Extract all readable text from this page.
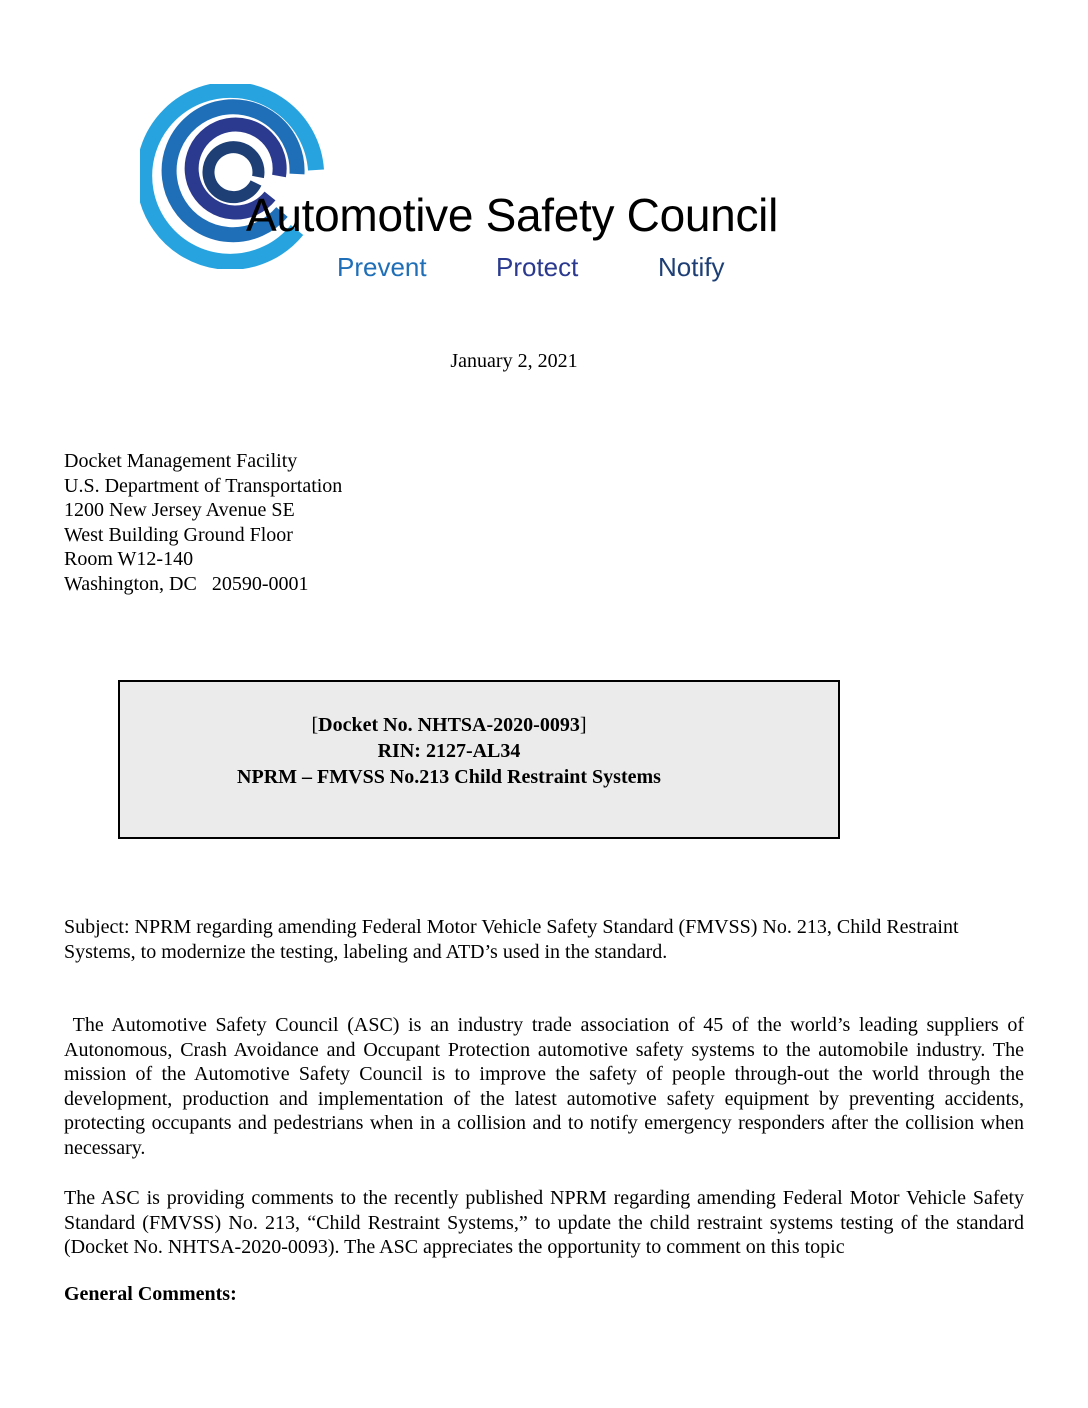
Automotive Safety Council
Prevent	Protect	Notify
January 2, 2021
Docket Management Facility
U.S. Department of Transportation
1200 New Jersey Avenue SE
West Building Ground Floor
Room W12-140
Washington, DC   20590-0001
[Docket No. NHTSA-2020-0093]
RIN: 2127-AL34
NPRM – FMVSS No.213 Child Restraint Systems
Subject: NPRM regarding amending Federal Motor Vehicle Safety Standard (FMVSS) No. 213, Child Restraint Systems, to modernize the testing, labeling and ATD’s used in the standard.
The Automotive Safety Council (ASC) is an industry trade association of 45 of the world’s leading suppliers of Autonomous, Crash Avoidance and Occupant Protection automotive safety systems to the automobile industry. The mission of the Automotive Safety Council is to improve the safety of people through-out the world through the development, production and implementation of the latest automotive safety equipment by preventing accidents, protecting occupants and pedestrians when in a collision and to notify emergency responders after the collision when necessary.
The ASC is providing comments to the recently published NPRM regarding amending Federal Motor Vehicle Safety Standard (FMVSS) No. 213, “Child Restraint Systems,” to update the child restraint systems testing of the standard (Docket No. NHTSA-2020-0093). The ASC appreciates the opportunity to comment on this topic
General Comments:
